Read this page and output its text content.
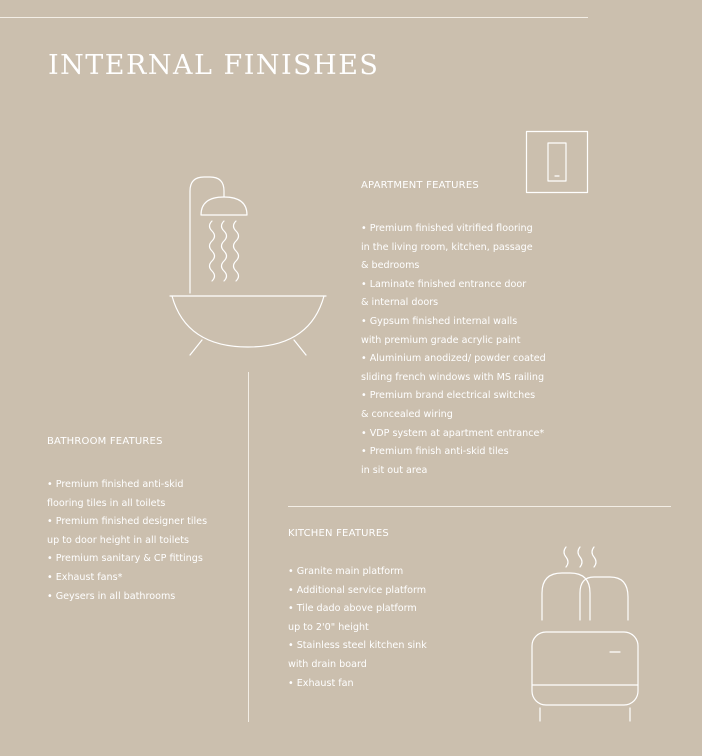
INTERNAL FINISHES
APARTMENT FEATURES
• Premium finished vitrified flooring
in the living room, kitchen, passage
& bedrooms
• Laminate finished entrance door
& internal doors
• Gypsum finished internal walls
with premium grade acrylic paint
• Aluminium anodized/ powder coated
sliding french windows with MS railing
• Premium brand electrical switches
& concealed wiring
• VDP system at apartment entrance*
• Premium finish anti-skid tiles
in sit out area
BATHROOM FEATURES
• Premium finished anti-skid
flooring tiles in all toilets
• Premium finished designer tiles
up to door height in all toilets
• Premium sanitary & CP fittings
• Exhaust fans*
• Geysers in all bathrooms
KITCHEN FEATURES
• Granite main platform
• Additional service platform
• Tile dado above platform
up to 2'0" height
• Stainless steel kitchen sink
with drain board
• Exhaust fan
